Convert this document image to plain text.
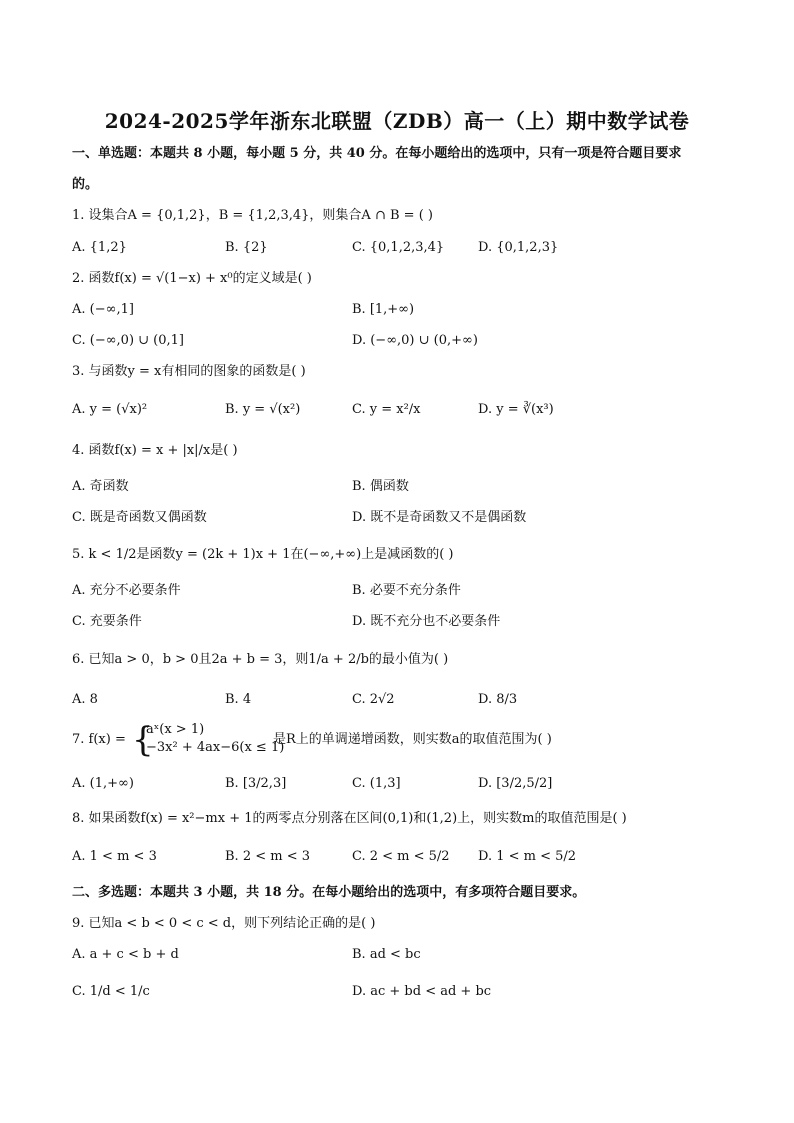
2024-2025学年浙东北联盟（ZDB）高一（上）期中数学试卷
一、单选题：本题共 8 小题，每小题 5 分，共 40 分。在每小题给出的选项中，只有一项是符合题目要求
的。
1. 设集合A = {0,1,2}，B = {1,2,3,4}，则集合A ∩ B = ( )
A. {1,2}	B. {2}	C. {0,1,2,3,4}	D. {0,1,2,3}
2. 函数f(x) = √(1−x) + x⁰的定义域是( )
A. (−∞,1]	B. [1,+∞)
C. (−∞,0) ∪ (0,1]	D. (−∞,0) ∪ (0,+∞)
3. 与函数y = x有相同的图象的函数是( )
A. y = (√x)²	B. y = √(x²)	C. y = x²/x	D. y = ∛(x³)
4. 函数f(x) = x + |x|/x是( )
A. 奇函数	B. 偶函数
C. 既是奇函数又偶函数	D. 既不是奇函数又不是偶函数
5. k < 1/2是函数y = (2k + 1)x + 1在(−∞,+∞)上是减函数的( )
A. 充分不必要条件	B. 必要不充分条件
C. 充要条件	D. 既不充分也不必要条件
6. 已知a > 0，b > 0且2a + b = 3，则1/a + 2/b的最小值为( )
A. 8	B. 4	C. 2√2	D. 8/3
7. f(x) = {
aˣ(x > 1)
−3x² + 4ax−6(x ≤ 1)
是R上的单调递增函数，则实数a的取值范围为( )
A. (1,+∞)	B. [3/2,3]	C. (1,3]	D. [3/2,5/2]
8. 如果函数f(x) = x²−mx + 1的两零点分别落在区间(0,1)和(1,2)上，则实数m的取值范围是( )
A. 1 < m < 3	B. 2 < m < 3	C. 2 < m < 5/2 D. 1 < m < 5/2
二、多选题：本题共 3 小题，共 18 分。在每小题给出的选项中，有多项符合题目要求。
9. 已知a < b < 0 < c < d，则下列结论正确的是( )
A. a + c < b + d	B. ad < bc
C. 1/d < 1/c	D. ac + bd < ad + bc
